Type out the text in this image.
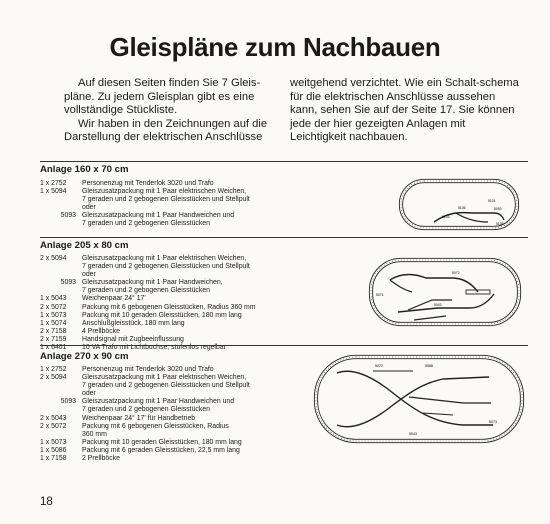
Gleispläne zum Nachbauen

Auf diesen Seiten finden Sie 7 Gleis-pläne. Zu jedem Gleisplan gibt es eine vollständige Stückliste.

Wir haben in den Zeichnungen auf die Darstellung der elektrischen Anschlüsse

weitgehend verzichtet. Wie ein Schalt-schema für die elektrischen Anschlüsse aussehen kann, sehen Sie auf der Seite 17. Sie können jede der hier gezeigten Anlagen mit Leichtigkeit nachbauen.

Anlage 160 x 70 cm
1 x 2752	Personenzug mit Tenderlok 3020 und Trafo
1 x 5094	Gleiszusatzpackung mit 1 Paar elektrischen Weichen,
7 geraden und 2 gebogenen Gleisstücken und Stellpult
oder
5093 Gleiszusatzpackung mit 1 Paar Handweichen und
7 geraden und 2 gebogenen Gleisstücken
5101
5093
5106
5103
5105
Anlage 205 x 80 cm
2 x 5094	Gleiszusatzpackung mit 1 Paar elektrischen Weichen,
7 geraden und 2 gebogenen Gleisstücken und Stellpult
oder
5093 Gleiszusatzpackung mit 1 Paar Handweichen,
7 geraden und 2 gebogenen Gleisstücken
1 x 5043	Weichenpaar 24° 17'
2 x 5072	Packung mit 6 gebogenen Gleisstücken, Radius 360 mm
1 x 5073	Packung mit 10 geraden Gleisstücken, 180 mm lang
1 x 5074	Anschlußgleisstück, 180 mm lang
2 x 7158	4 Prellböcke
2 x 7159	Handsignal mit Zugbeeinflussung
1 x 6401	10 VA Trafo mit Lichtbuchse, stufenlos regelbar
5074
5072
5043
Anlage 270 x 90 cm
1 x 2752	Personenzug mit Tenderlok 3020 und Trafo
2 x 5094	Gleiszusatzpackung mit 1 Paar elektrischen Weichen,
7 geraden und 2 gebogenen Gleisstücken und Stellpult
oder
5093 Gleiszusatzpackung mit 1 Paar Handweichen und
7 geraden und 2 gebogenen Gleisstücken
2 x 5043	Weichenpaar 24° 17' für Handbetrieb
2 x 5072	Packung mit 6 gebogenen Gleisstücken, Radius
360 mm
1 x 5073	Packung mit 10 geraden Gleisstücken, 180 mm lang
1 x 5086	Packung mit 6 geraden Gleisstücken, 22,5 mm lang
1 x 7158	2 Prellböcke
5072	5086
5073
5043
18
